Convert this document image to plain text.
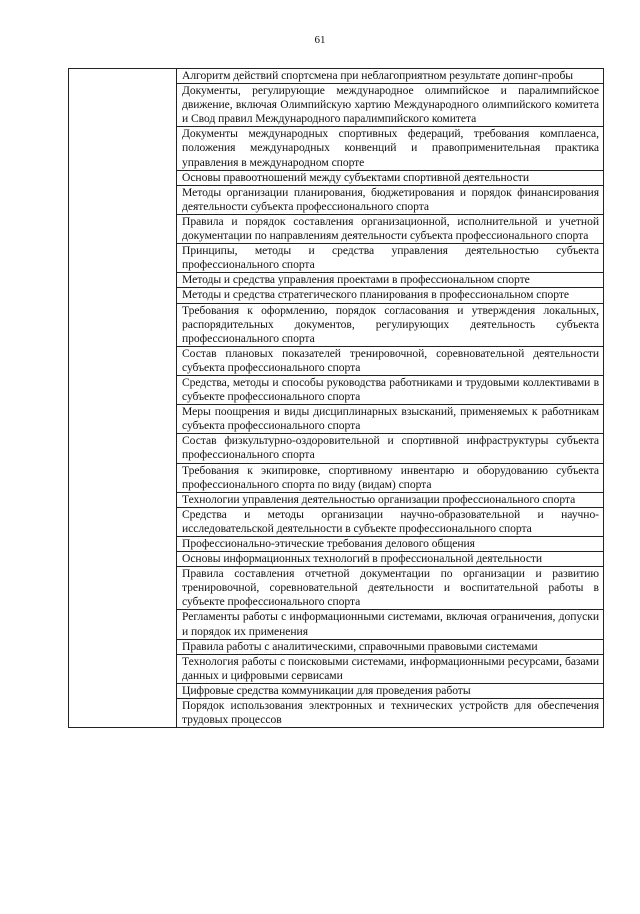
61

Алгоритм действий спортсмена при неблагоприятном результате допинг-пробы

Документы, регулирующие международное олимпийское и паралимпийское движение, включая Олимпийскую хартию Международного олимпийского комитета и Свод правил Международного паралимпийского комитета

Документы международных спортивных федераций, требования комплаенса, положения международных конвенций и правоприменительная практика управления в международном спорте

Основы правоотношений между субъектами спортивной деятельности

Методы организации планирования, бюджетирования и порядок финансирования деятельности субъекта профессионального спорта

Правила и порядок составления организационной, исполнительной и учетной документации по направлениям деятельности субъекта профессионального спорта

Принципы, методы и средства управления деятельностью субъекта профессионального спорта

Методы и средства управления проектами в профессиональном спорте

Методы и средства стратегического планирования в профессиональном спорте

Требования к оформлению, порядок согласования и утверждения локальных, распорядительных документов, регулирующих деятельность субъекта профессионального спорта

Состав плановых показателей тренировочной, соревновательной деятельности субъекта профессионального спорта

Средства, методы и способы руководства работниками и трудовыми коллективами в субъекте профессионального спорта

Меры поощрения и виды дисциплинарных взысканий, применяемых к работникам субъекта профессионального спорта

Состав физкультурно-оздоровительной и спортивной инфраструктуры субъекта профессионального спорта

Требования к экипировке, спортивному инвентарю и оборудованию субъекта профессионального спорта по виду (видам) спорта

Технологии управления деятельностью организации профессионального спорта

Средства и методы организации научно-образовательной и научно-исследовательской деятельности в субъекте профессионального спорта

Профессионально-этические требования делового общения

Основы информационных технологий в профессиональной деятельности

Правила составления отчетной документации по организации и развитию тренировочной, соревновательной деятельности и воспитательной работы в субъекте профессионального спорта

Регламенты работы с информационными системами, включая ограничения, допуски и порядок их применения

Правила работы с аналитическими, справочными правовыми системами

Технология работы с поисковыми системами, информационными ресурсами, базами данных и цифровыми сервисами

Цифровые средства коммуникации для проведения работы

Порядок использования электронных и технических устройств для обеспечения трудовых процессов
